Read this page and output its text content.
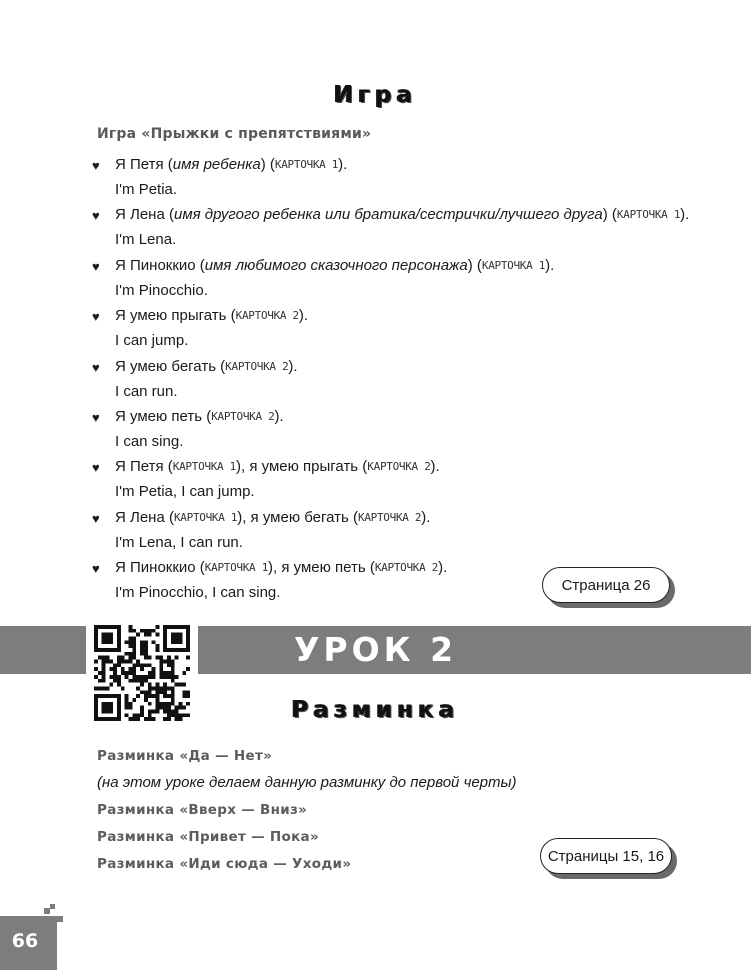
Игра
Игра «Прыжки с препятствиями»
♥ Я Петя (имя ребенка) (КАРТОЧКА 1).
I'm Petia.
♥ Я Лена (имя другого ребенка или братика/сестрички/лучшего друга) (КАРТОЧКА 1).
I'm Lena.
♥ Я Пиноккио (имя любимого сказочного персонажа) (КАРТОЧКА 1).
I'm Pinocchio.
♥ Я умею прыгать (КАРТОЧКА 2).
I can jump.
♥ Я умею бегать (КАРТОЧКА 2).
I can run.
♥ Я умею петь (КАРТОЧКА 2).
I can sing.
♥ Я Петя (КАРТОЧКА 1), я умею прыгать (КАРТОЧКА 2).
I'm Petia, I can jump.
♥ Я Лена (КАРТОЧКА 1), я умею бегать (КАРТОЧКА 2).
I'm Lena, I can run.
♥ Я Пиноккио (КАРТОЧКА 1), я умею петь (КАРТОЧКА 2).
I'm Pinocchio, I can sing.	Страница 26
УРОК 2
Разминка
Разминка «Да — Нет»
(на этом уроке делаем данную разминку до первой черты)
Разминка «Вверх — Вниз»
Разминка «Привет — Пока»
Разминка «Иди сюда — Уходи»	Страницы 15, 16
66
